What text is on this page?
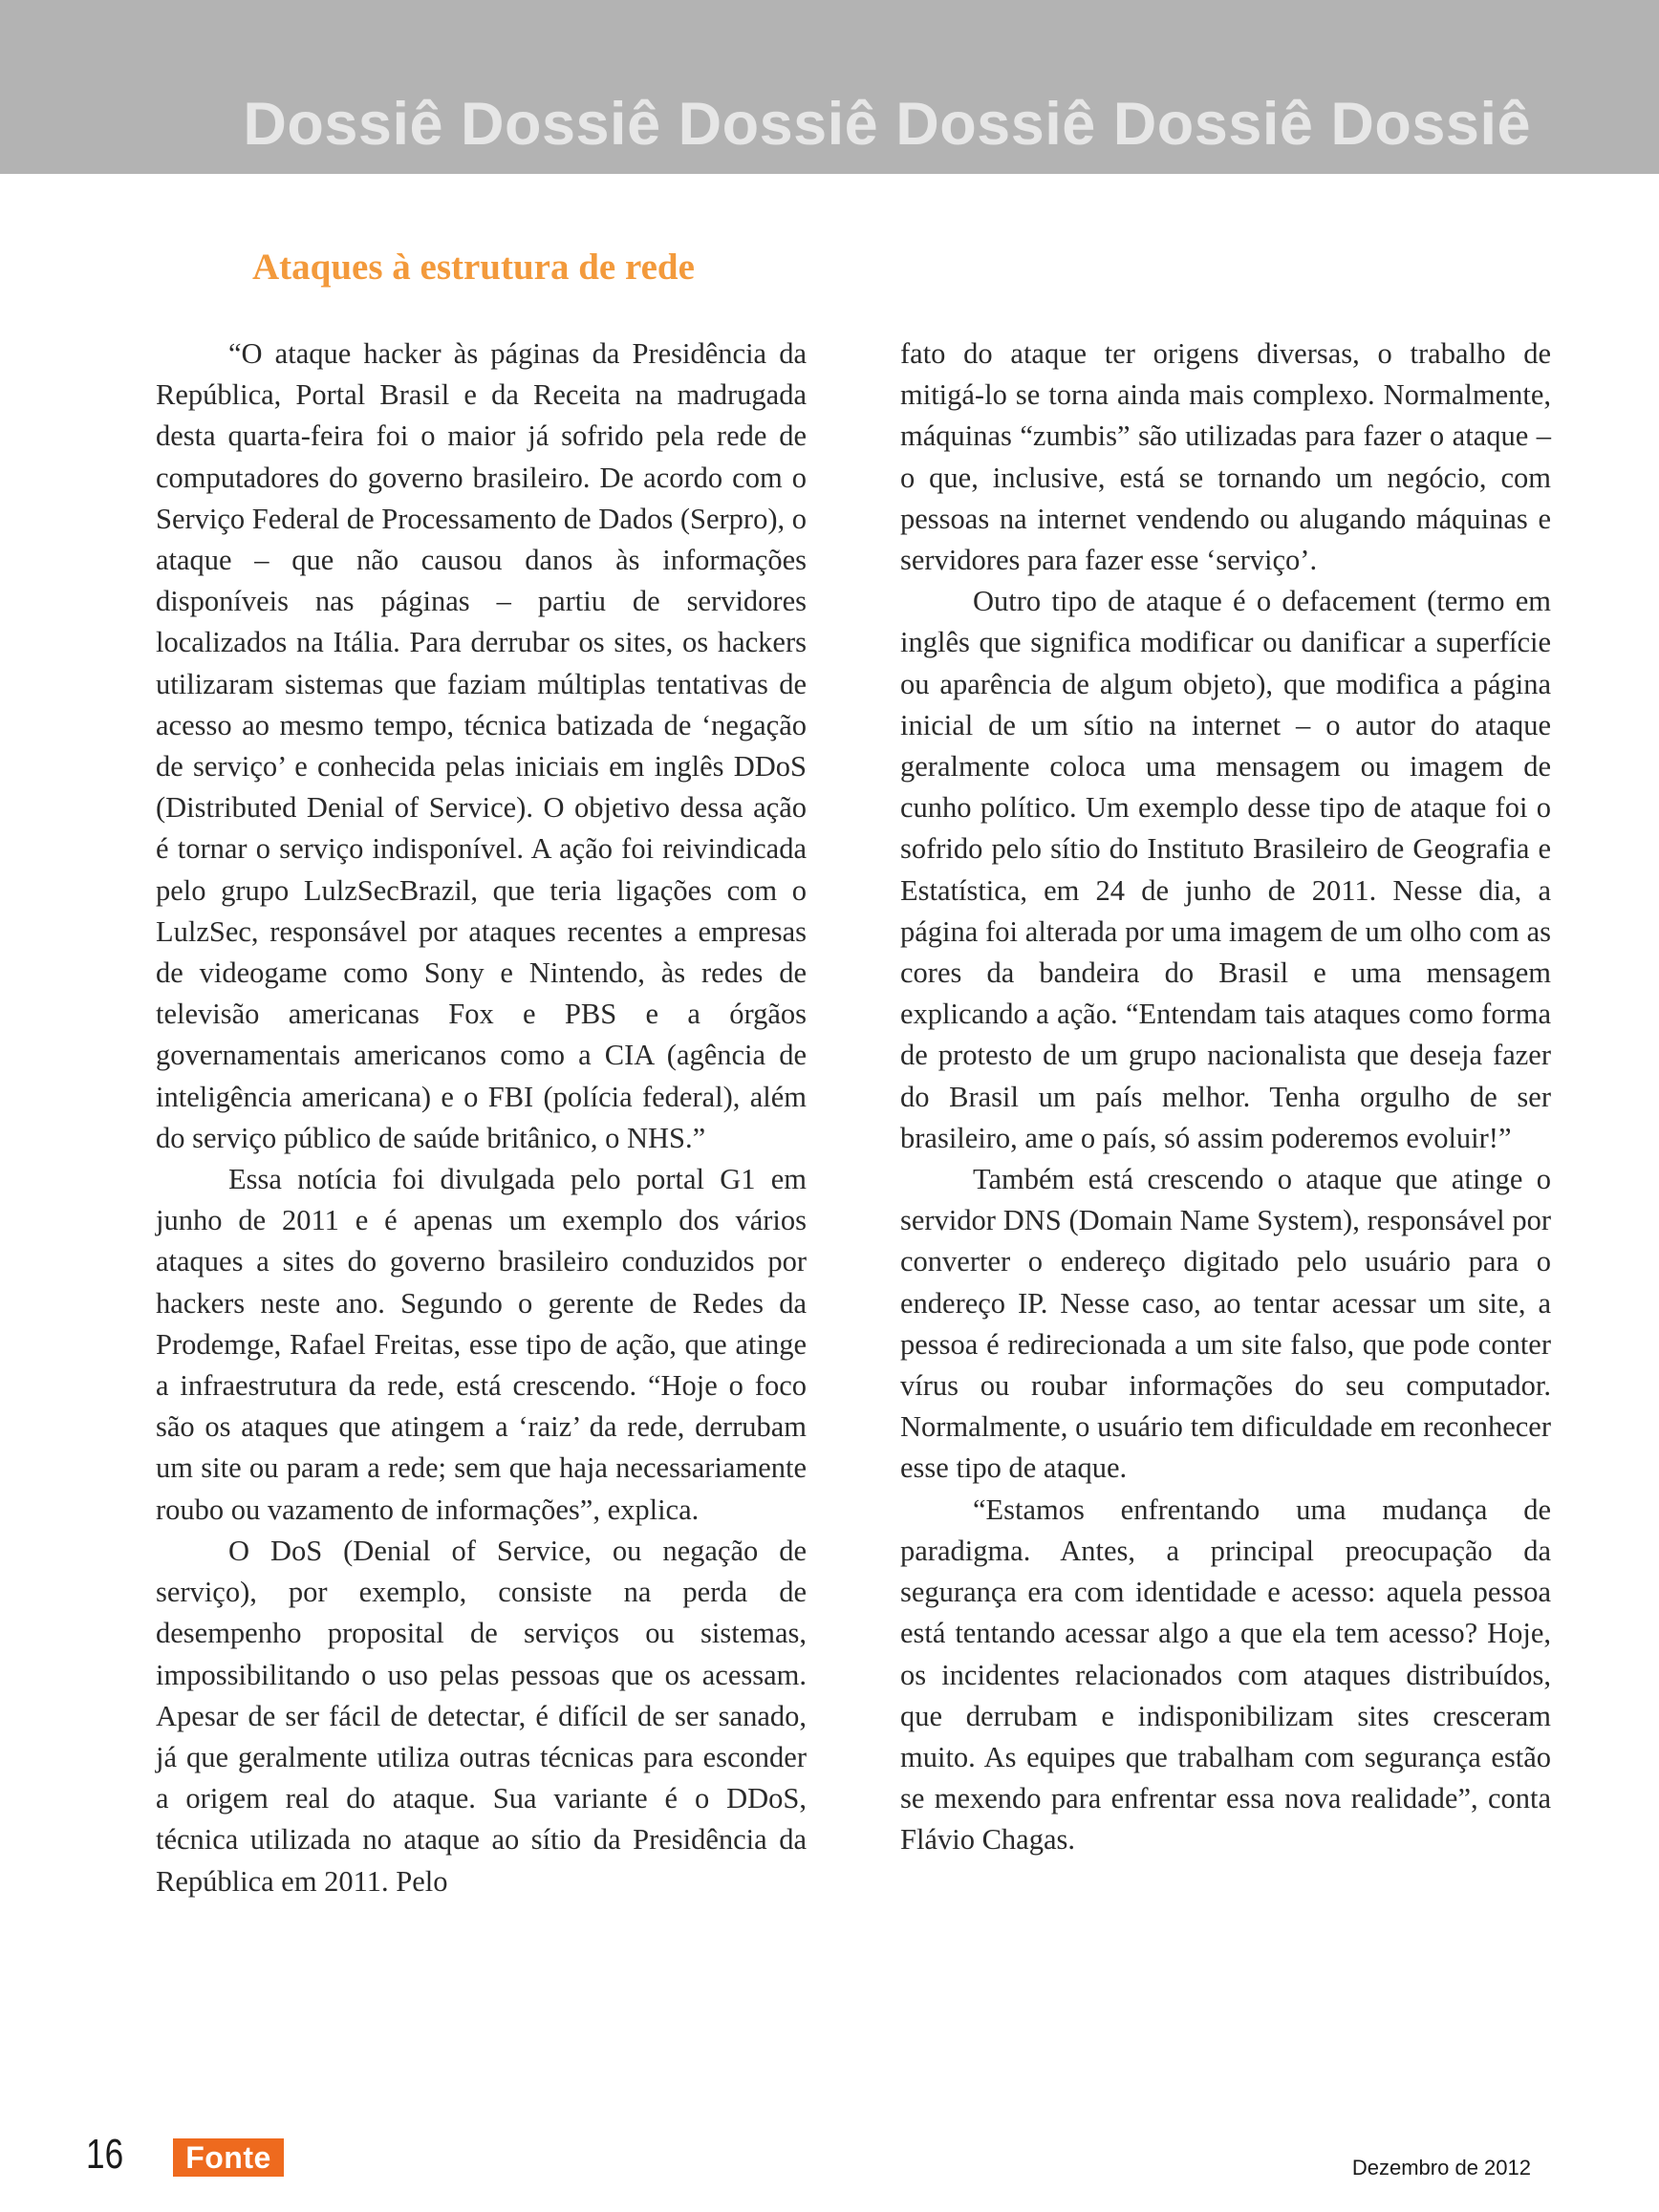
Dossiê Dossiê Dossiê Dossiê Dossiê Dossiê
Ataques à estrutura de rede

“O ataque hacker às páginas da Presidência da República, Portal Brasil e da Receita na madrugada desta quarta-feira foi o maior já sofrido pela rede de computadores do governo brasileiro. De acordo com o Serviço Federal de Processamento de Dados (Serpro), o ataque – que não causou danos às informações disponíveis nas páginas – partiu de servidores localizados na Itália. Para derrubar os sites, os hackers utilizaram sistemas que faziam múltiplas tentativas de acesso ao mesmo tempo, técnica batizada de ‘negação de serviço’ e conhecida pelas iniciais em inglês DDoS (Distributed Denial of Service). O objetivo dessa ação é tornar o serviço indisponível. A ação foi reivindicada pelo grupo LulzSecBrazil, que teria ligações com o LulzSec, responsável por ataques recentes a empresas de videogame como Sony e Nintendo, às redes de televisão americanas Fox e PBS e a órgãos governamentais americanos como a CIA (agência de inteligência americana) e o FBI (polícia federal), além do serviço público de saúde britânico, o NHS.”

Essa notícia foi divulgada pelo portal G1 em junho de 2011 e é apenas um exemplo dos vários ataques a sites do governo brasileiro conduzidos por hackers neste ano. Segundo o gerente de Redes da Prodemge, Rafael Freitas, esse tipo de ação, que atinge a infraestrutura da rede, está crescendo. “Hoje o foco são os ataques que atingem a ‘raiz’ da rede, derrubam um site ou param a rede; sem que haja necessariamente roubo ou vazamento de informações”, explica.

O DoS (Denial of Service, ou negação de serviço), por exemplo, consiste na perda de desempenho proposital de serviços ou sistemas, impossibilitando o uso pelas pessoas que os acessam. Apesar de ser fácil de detectar, é difícil de ser sanado, já que geralmente utiliza outras técnicas para esconder a origem real do ataque. Sua variante é o DDoS, técnica utilizada no ataque ao sítio da Presidência da República em 2011. Pelo

fato do ataque ter origens diversas, o trabalho de mitigá-lo se torna ainda mais complexo. Normalmente, máquinas “zumbis” são utilizadas para fazer o ataque – o que, inclusive, está se tornando um negócio, com pessoas na internet vendendo ou alugando máquinas e servidores para fazer esse ‘serviço’.

Outro tipo de ataque é o defacement (termo em inglês que significa modificar ou danificar a superfície ou aparência de algum objeto), que modifica a página inicial de um sítio na internet – o autor do ataque geralmente coloca uma mensagem ou imagem de cunho político. Um exemplo desse tipo de ataque foi o sofrido pelo sítio do Instituto Brasileiro de Geografia e Estatística, em 24 de junho de 2011. Nesse dia, a página foi alterada por uma imagem de um olho com as cores da bandeira do Brasil e uma mensagem explicando a ação. “Entendam tais ataques como forma de protesto de um grupo nacionalista que deseja fazer do Brasil um país melhor. Tenha orgulho de ser brasileiro, ame o país, só assim poderemos evoluir!”

Também está crescendo o ataque que atinge o servidor DNS (Domain Name System), responsável por converter o endereço digitado pelo usuário para o endereço IP. Nesse caso, ao tentar acessar um site, a pessoa é redirecionada a um site falso, que pode conter vírus ou roubar informações do seu computador. Normalmente, o usuário tem dificuldade em reconhecer esse tipo de ataque.

“Estamos enfrentando uma mudança de paradigma. Antes, a principal preocupação da segurança era com identidade e acesso: aquela pessoa está tentando acessar algo a que ela tem acesso? Hoje, os incidentes relacionados com ataques distribuídos, que derrubam e indisponibilizam sites cresceram muito. As equipes que trabalham com segurança estão se mexendo para enfrentar essa nova realidade”, conta Flávio Chagas.

16 Fonte	Dezembro de 2012
